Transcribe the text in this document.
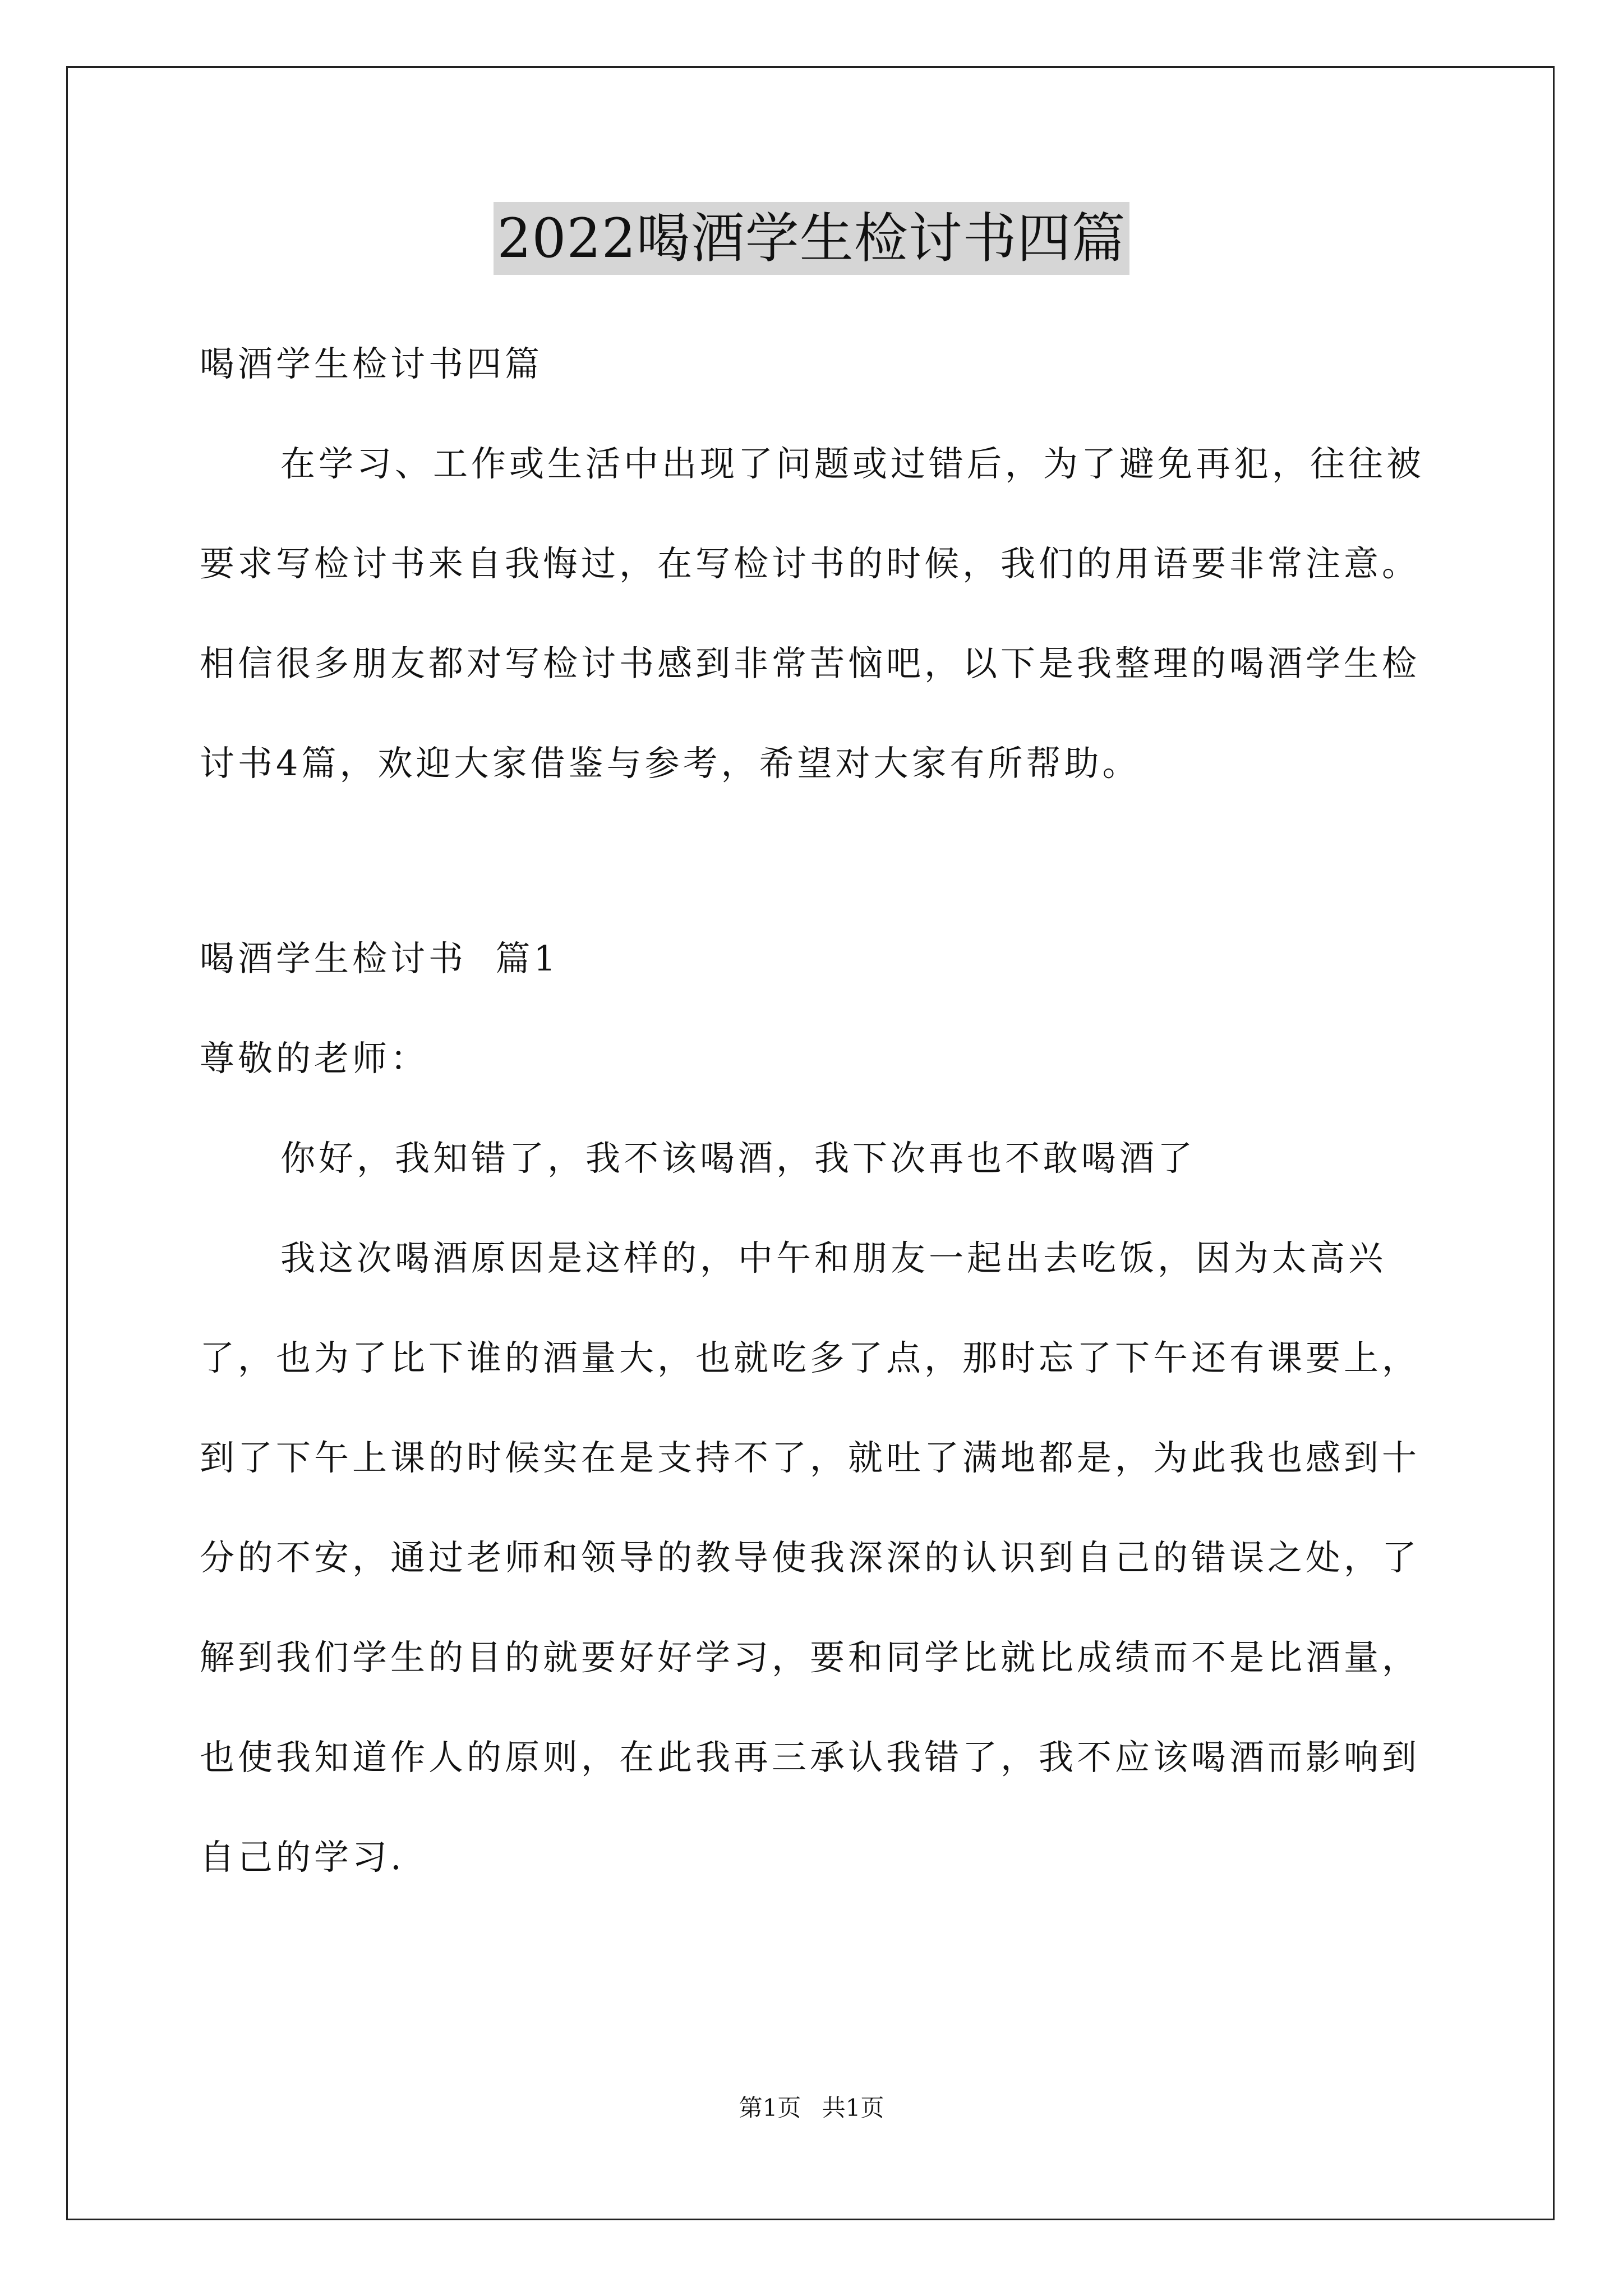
2022喝酒学生检讨书四篇

喝酒学生检讨书四篇

在学习、工作或生活中出现了问题或过错后，为了避免再犯，往往被要求写检讨书来自我悔过，在写检讨书的时候，我们的用语要非常注意。相信很多朋友都对写检讨书感到非常苦恼吧，以下是我整理的喝酒学生检讨书4篇，欢迎大家借鉴与参考，希望对大家有所帮助。

喝酒学生检讨书  篇1

尊敬的老师：

你好，我知错了，我不该喝酒，我下次再也不敢喝酒了

我这次喝酒原因是这样的，中午和朋友一起出去吃饭，因为太高兴了，也为了比下谁的酒量大，也就吃多了点，那时忘了下午还有课要上，到了下午上课的时候实在是支持不了，就吐了满地都是，为此我也感到十分的不安，通过老师和领导的教导使我深深的认识到自己的错误之处，了解到我们学生的目的就要好好学习，要和同学比就比成绩而不是比酒量，也使我知道作人的原则，在此我再三承认我错了，我不应该喝酒而影响到自己的学习.

第1页 共1页
